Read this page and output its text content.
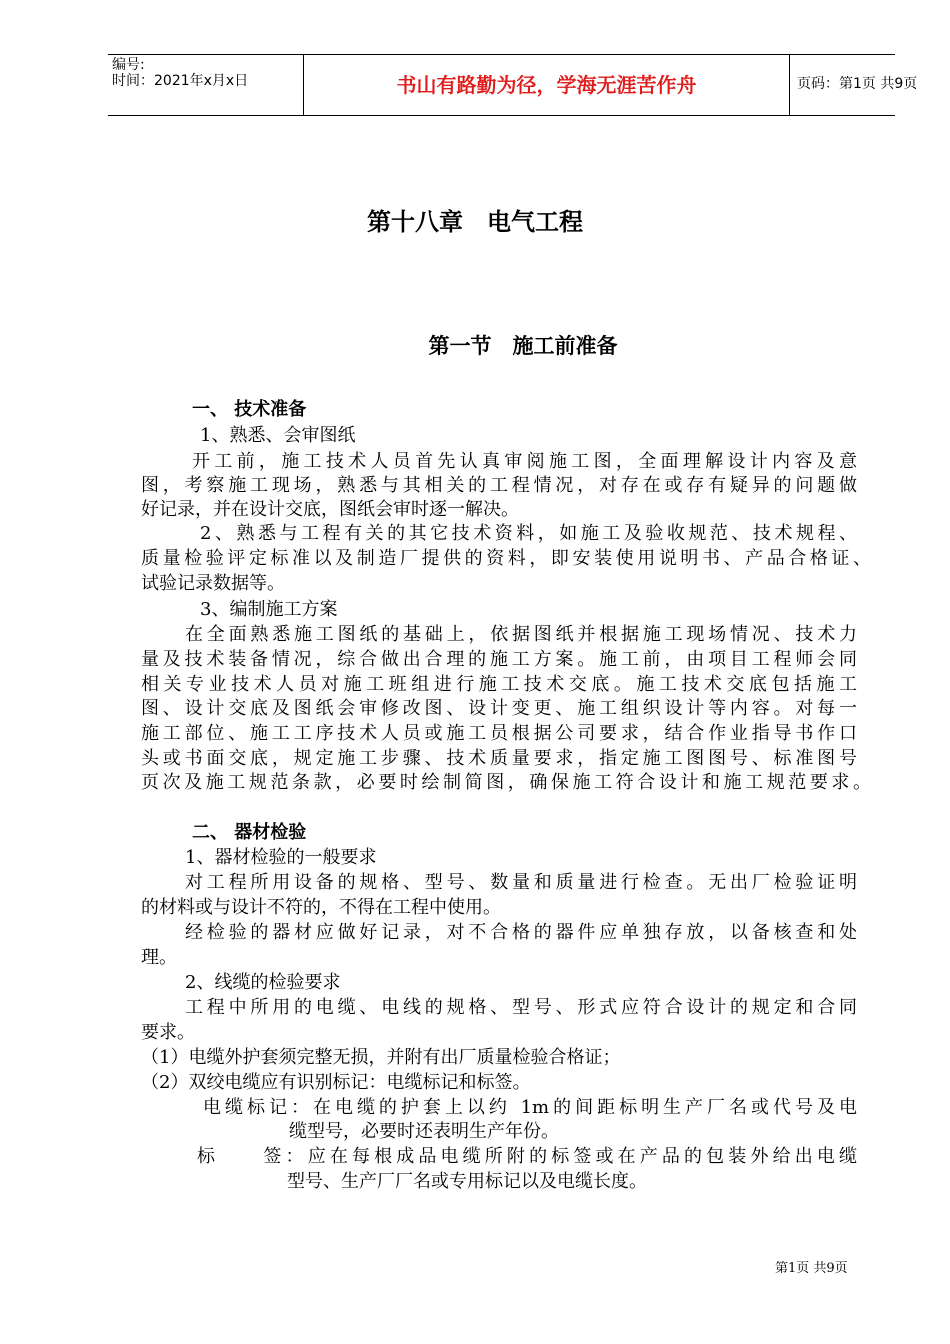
编号:
时间：2021年x月x日	书山有路勤为径，学海无涯苦作舟	页码：第1页 共9页
第十八章　电气工程
第一节　施工前准备
一、 技术准备
1、熟悉、会审图纸
开工前，施工技术人员首先认真审阅施工图，全面理解设计内容及意
图，考察施工现场，熟悉与其相关的工程情况，对存在或存有疑异的问题做
好记录，并在设计交底，图纸会审时逐一解决。
2、熟悉与工程有关的其它技术资料，如施工及验收规范、技术规程、
质量检验评定标准以及制造厂提供的资料，即安装使用说明书、产品合格证、
试验记录数据等。
3、编制施工方案
在全面熟悉施工图纸的基础上，依据图纸并根据施工现场情况、技术力
量及技术装备情况，综合做出合理的施工方案。施工前，由项目工程师会同
相关专业技术人员对施工班组进行施工技术交底。施工技术交底包括施工
图、设计交底及图纸会审修改图、设计变更、施工组织设计等内容。对每一
施工部位、施工工序技术人员或施工员根据公司要求，结合作业指导书作口
头或书面交底，规定施工步骤、技术质量要求，指定施工图图号、标准图号
页次及施工规范条款，必要时绘制简图，确保施工符合设计和施工规范要求。
二、 器材检验
1、器材检验的一般要求
对工程所用设备的规格、型号、数量和质量进行检查。无出厂检验证明
的材料或与设计不符的，不得在工程中使用。
经检验的器材应做好记录，对不合格的器件应单独存放，以备核查和处
理。
2、线缆的检验要求
工程中所用的电缆、电线的规格、型号、形式应符合设计的规定和合同
要求。
（1）电缆外护套须完整无损，并附有出厂质量检验合格证；
（2）双绞电缆应有识别标记：电缆标记和标签。
电缆标记：在电缆的护套上以约 1m的间距标明生产厂名或代号及电
缆型号，必要时还表明生产年份。
标　　签：应在每根成品电缆所附的标签或在产品的包装外给出电缆
型号、生产厂厂名或专用标记以及电缆长度。
第1页 共9页
